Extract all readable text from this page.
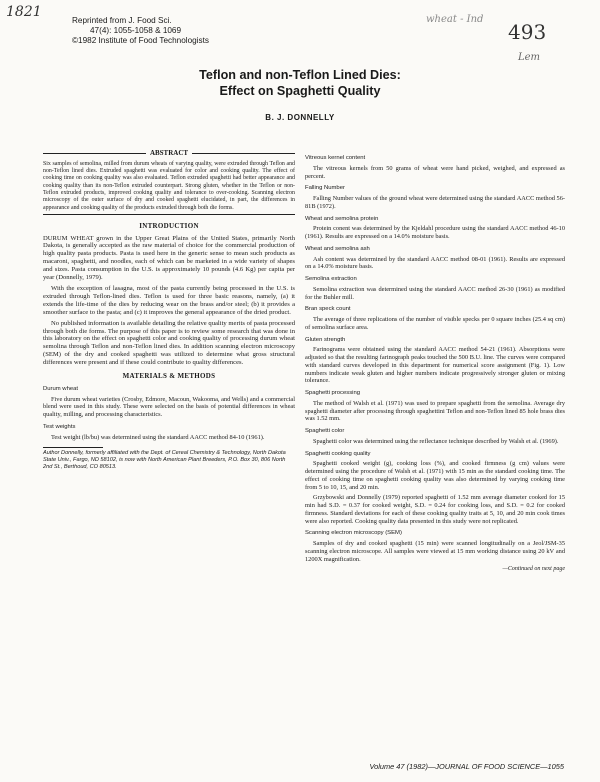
1821	wheat - Ind
493
Lem
Reprinted from J. Food Sci.
47(4): 1055-1058 & 1069
©1982 Institute of Food Technologists
Teflon and non-Teflon Lined Dies:
Effect on Spaghetti Quality
B. J. DONNELLY
ABSTRACT

Six samples of semolina, milled from durum wheats of varying quality, were extruded through Teflon and non-Teflon lined dies. Extruded spaghetti was evaluated for color and cooking quality. The effect of cooking time on cooking quality was also evaluated. Teflon extruded spaghetti had better appearance and cooking quality than its non-Teflon extruded counterpart. Strong gluten, whether in the Teflon or non-Teflon extruded products, improved cooking quality and tolerance to over-cooking. Scanning electron microscopy of the outer surface of dry and cooked spaghetti elucidated, in part, the differences in appearance and cooking quality of the products extruded through both die forms.

INTRODUCTION

DURUM WHEAT grown in the Upper Great Plains of the United States, primarily North Dakota, is generally accepted as the raw material of choice for the commercial production of high quality pasta products. Pasta is used here in the generic sense to mean such products as macaroni, spaghetti, and noodles, each of which can be marketed in a wide variety of shapes and sizes. Pasta consumption in the U.S. is approximately 10 pounds (4.6 Kg) per capita per year (Donnelly, 1979).

With the exception of lasagna, most of the pasta currently being processed in the U.S. is extruded through Teflon-lined dies. Teflon is used for three basic reasons, namely, (a) it extends the life-time of the dies by reducing wear on the brass and/or steel; (b) it provides a smoother surface to the pasta; and (c) it improves the general appearance of the dried product.

No published information is available detailing the relative quality merits of pasta processed through both die forms. The purpose of this paper is to review some research that was done in this laboratory on the effect on spaghetti color and cooking quality of processing durum wheat semolina through Teflon and non-Teflon lined dies. In addition scanning electron microscopy (SEM) of the dry and cooked spaghetti was utilized to determine what gross structural differences were present and if these could contribute to quality differences.

MATERIALS & METHODS
Durum wheat

Five durum wheat varieties (Crosby, Edmore, Macoun, Wakooma, and Wells) and a commercial blend were used in this study. These were selected on the basis of potential differences in wheat quality, milling, and processing characteristics.

Test weights

Test weight (lb/bu) was determined using the standard AACC method 84-10 (1961).

Author Donnelly, formerly affiliated with the Dept. of Cereal Chemistry & Technology, North Dakota State Univ., Fargo, ND 58102, is now with North American Plant Breeders, P.O. Box 30, 806 North 2nd St., Berthoud, CO 80513.
Vitreous kernel content

The vitreous kernels from 50 grams of wheat were hand picked, weighed, and expressed as percent.

Falling Number

Falling Number values of the ground wheat were determined using the standard AACC method 56-81B (1972).

Wheat and semolina protein

Protein conent was determined by the Kjeldahl procedure using the standard AACC method 46-10 (1961). Results are expressed on a 14.0% moisture basis.

Wheat and semolina ash

Ash content was determined by the standard AACC method 08-01 (1961). Results are expressed on a 14.0% moisture basis.

Semolina extraction

Semolina extraction was determined using the standard AACC method 26-30 (1961) as modified for the Buhler mill.

Bran speck count

The average of three replications of the number of visible specks per 0 square inches (25.4 sq cm) of semolina surface area.

Gluten strength

Farinograms were obtained using the standard AACC method 54-21 (1961). Absorptions were adjusted so that the resulting farinograph peaks touched the 500 B.U. line. The curves were compared with standard curves developed in this department for numerical score assignment (Fig. 1). Low numbers indicate weak gluten and higher numbers indicate progressively stronger gluten or mixing tolerance.

Spaghetti processing

The method of Walsh et al. (1971) was used to prepare spaghetti from the semolina. Average dry spaghetti diameter after processing through spaghettini Teflon and non-Teflon lined 85 hole brass dies was 1.52 mm.

Spaghetti color

Spaghetti color was determined using the reflectance technique described by Walsh et al. (1969).

Spaghetti cooking quality

Spaghetti cooked weight (g), cooking loss (%), and cooked firmness (g cm) values were determined using the procedure of Walsh et al. (1971) with 15 min as the standard cooking time. The effect of cooking time on spaghetti cooking quality was also determined by varying cooking time from 5 to 10, 15, and 20 min.

Grzybowski and Donnelly (1979) reported spaghetti of 1.52 mm average diameter cooked for 15 min had S.D. = 0.37 for cooked weight, S.D. = 0.24 for cooking loss, and S.D. = 0.2 for cooked firmness. Standard deviations for each of these cooking quality traits at 5, 10, and 20 min cook times were also reported. Cooking quality data presented in this study were not replicated.

Scanning electron microscopy (SEM)

Samples of dry and cooked spaghetti (15 min) were scanned longitudinally on a Jeol/JSM-35 scanning electron microscope. All samples were viewed at 15 mm working distance using 20 kV and 1200X magnification.

—Continued on next page
Volume 47 (1982)—JOURNAL OF FOOD SCIENCE—1055
